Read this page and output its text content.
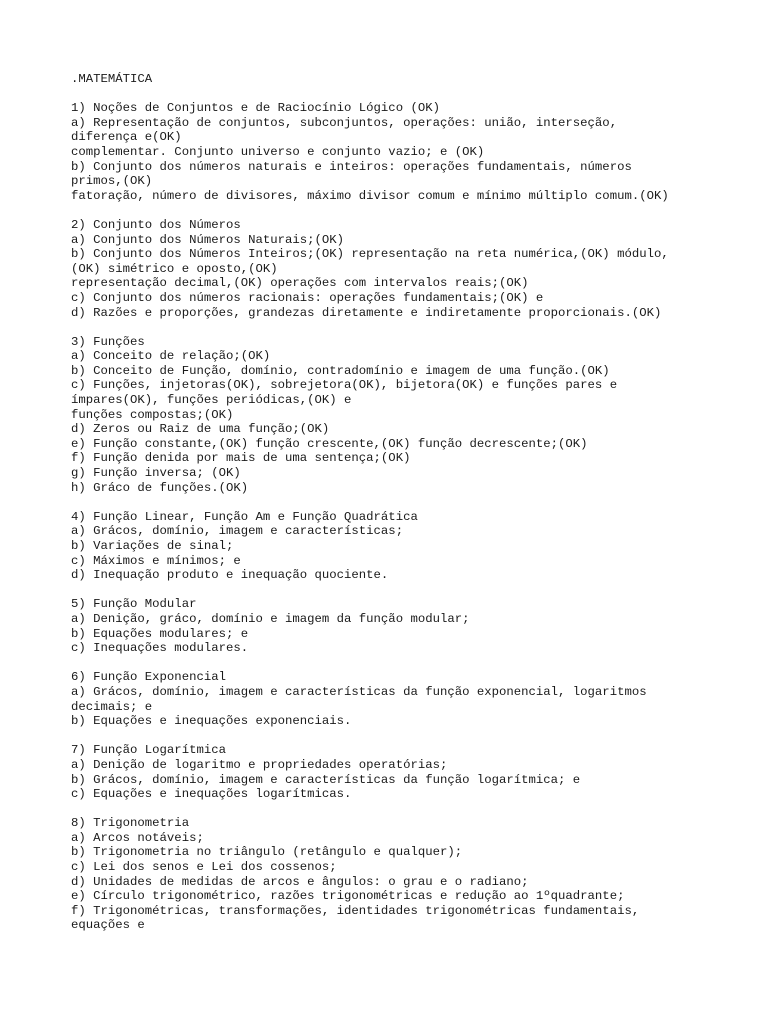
.MATEMÁTICA
1) Noções de Conjuntos e de Raciocínio Lógico (OK)
a) Representação de conjuntos, subconjuntos, operações: união, interseção,
diferença e(OK)
complementar. Conjunto universo e conjunto vazio; e (OK)
b) Conjunto dos números naturais e inteiros: operações fundamentais, números
primos,(OK)
fatoração, número de divisores, máximo divisor comum e mínimo múltiplo comum.(OK)
2) Conjunto dos Números
a) Conjunto dos Números Naturais;(OK)
b) Conjunto dos Números Inteiros;(OK) representação na reta numérica,(OK) módulo,
(OK) simétrico e oposto,(OK)
representação decimal,(OK) operações com intervalos reais;(OK)
c) Conjunto dos números racionais: operações fundamentais;(OK) e
d) Razões e proporções, grandezas diretamente e indiretamente proporcionais.(OK)
3) Funções
a) Conceito de relação;(OK)
b) Conceito de Função, domínio, contradomínio e imagem de uma função.(OK)
c) Funções, injetoras(OK), sobrejetora(OK), bijetora(OK) e funções pares e
ímpares(OK), funções periódicas,(OK) e
funções compostas;(OK)
d) Zeros ou Raiz de uma função;(OK)
e) Função constante,(OK) função crescente,(OK) função decrescente;(OK)
f) Função denida por mais de uma sentença;(OK)
g) Função inversa; (OK)
h) Gráco de funções.(OK)
4) Função Linear, Função Am e Função Quadrática
a) Grácos, domínio, imagem e características;
b) Variações de sinal;
c) Máximos e mínimos; e
d) Inequação produto e inequação quociente.
5) Função Modular
a) Denição, gráco, domínio e imagem da função modular;
b) Equações modulares; e
c) Inequações modulares.
6) Função Exponencial
a) Grácos, domínio, imagem e características da função exponencial, logaritmos
decimais; e
b) Equações e inequações exponenciais.
7) Função Logarítmica
a) Denição de logaritmo e propriedades operatórias;
b) Grácos, domínio, imagem e características da função logarítmica; e
c) Equações e inequações logarítmicas.
8) Trigonometria
a) Arcos notáveis;
b) Trigonometria no triângulo (retângulo e qualquer);
c) Lei dos senos e Lei dos cossenos;
d) Unidades de medidas de arcos e ângulos: o grau e o radiano;
e) Círculo trigonométrico, razões trigonométricas e redução ao 1ºquadrante;
f) Trigonométricas, transformações, identidades trigonométricas fundamentais,
equações e
